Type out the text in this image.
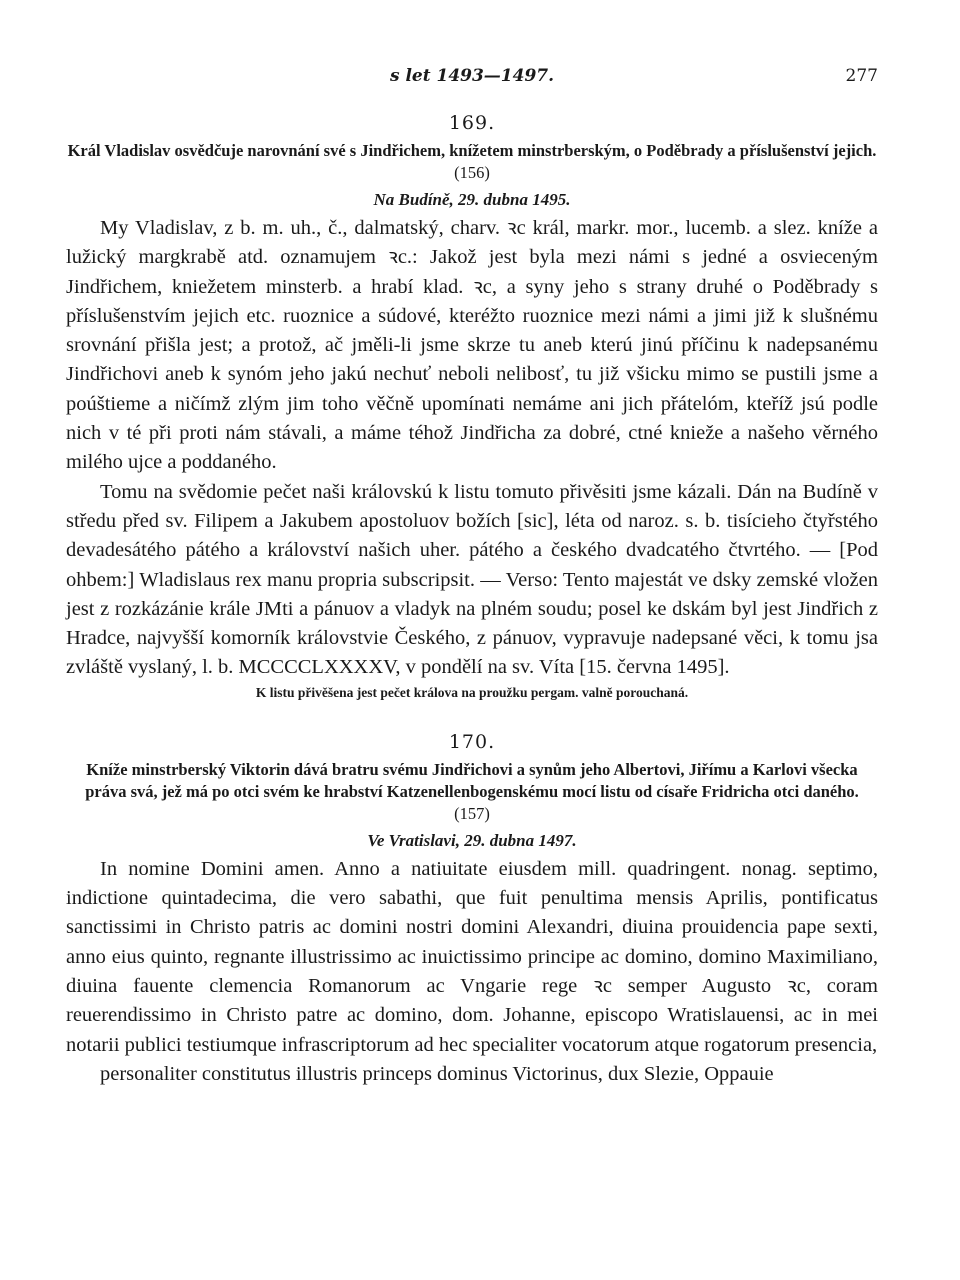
s let 1493—1497.	277
169.
Král Vladislav osvědčuje narovnání své s Jindřichem, knížetem minstrberským, o Poděbrady a příslušenství jejich. (156)
Na Budíně, 29. dubna 1495.

My Vladislav, z b. m. uh., č., dalmatský, charv. ꝛc král, markr. mor., lucemb. a slez. kníže a lužický margkrabě atd. oznamujem ꝛc.: Jakož jest byla mezi námi s jedné a osvieceným Jindřichem, kniežetem minsterb. a hrabí klad. ꝛc, a syny jeho s strany druhé o Poděbrady s příslušenstvím jejich etc. ruoznice a súdové, kteréžto ruoznice mezi námi a jimi již k slušnému srovnání přišla jest; a protož, ač jměli-li jsme skrze tu aneb kterú jinú příčinu k nadepsanému Jindřichovi aneb k synóm jeho jakú nechuť neboli nelibosť, tu již všicku mimo se pustili jsme a poúštieme a ničímž zlým jim toho věčně upomínati nemáme ani jich přátelóm, kteříž jsú podle nich v té při proti nám stávali, a máme téhož Jindřicha za dobré, ctné knieže a našeho věrného milého ujce a poddaného.

Tomu na svědomie pečet naši královskú k listu tomuto přivěsiti jsme kázali. Dán na Budíně v středu před sv. Filipem a Jakubem apostoluov božích [sic], léta od naroz. s. b. tisícieho čtyřstého devadesátého pátého a království našich uher. pátého a českého dvadcatého čtvrtého. — [Pod ohbem:] Wladislaus rex manu propria subscripsit. — Verso: Tento majestát ve dsky zemské vložen jest z rozkázánie krále JMti a pánuov a vladyk na plném soudu; posel ke dskám byl jest Jindřich z Hradce, najvyšší komorník královstvie Českého, z pánuov, vypravuje nadepsané věci, k tomu jsa zvláště vyslaný, l. b. MCCCCLXXXXV, v pondělí na sv. Víta [15. června 1495].

K listu přivěšena jest pečet králova na proužku pergam. valně porouchaná.
170.
Kníže minstrberský Viktorin dává bratru svému Jindřichovi a synům jeho Albertovi, Jiřímu a Karlovi všecka práva svá, jež má po otci svém ke hrabství Katzenellenbogenskému mocí listu od císaře Fridricha otci daného. (157)
Ve Vratislavi, 29. dubna 1497.

In nomine Domini amen. Anno a natiuitate eiusdem mill. quadringent. nonag. septimo, indictione quintadecima, die vero sabathi, que fuit penultima mensis Aprilis, pontificatus sanctissimi in Christo patris ac domini nostri domini Alexandri, diuina prouidencia pape sexti, anno eius quinto, regnante illustrissimo ac inuictissimo principe ac domino, domino Maximiliano, diuina fauente clemencia Romanorum ac Vngarie rege ꝛc semper Augusto ꝛc, coram reuerendissimo in Christo patre ac domino, dom. Johanne, episcopo Wratislauensi, ac in mei notarii publici testiumque infrascriptorum ad hec specialiter vocatorum atque rogatorum presencia,

personaliter constitutus illustris princeps dominus Victorinus, dux Slezie, Oppauie
